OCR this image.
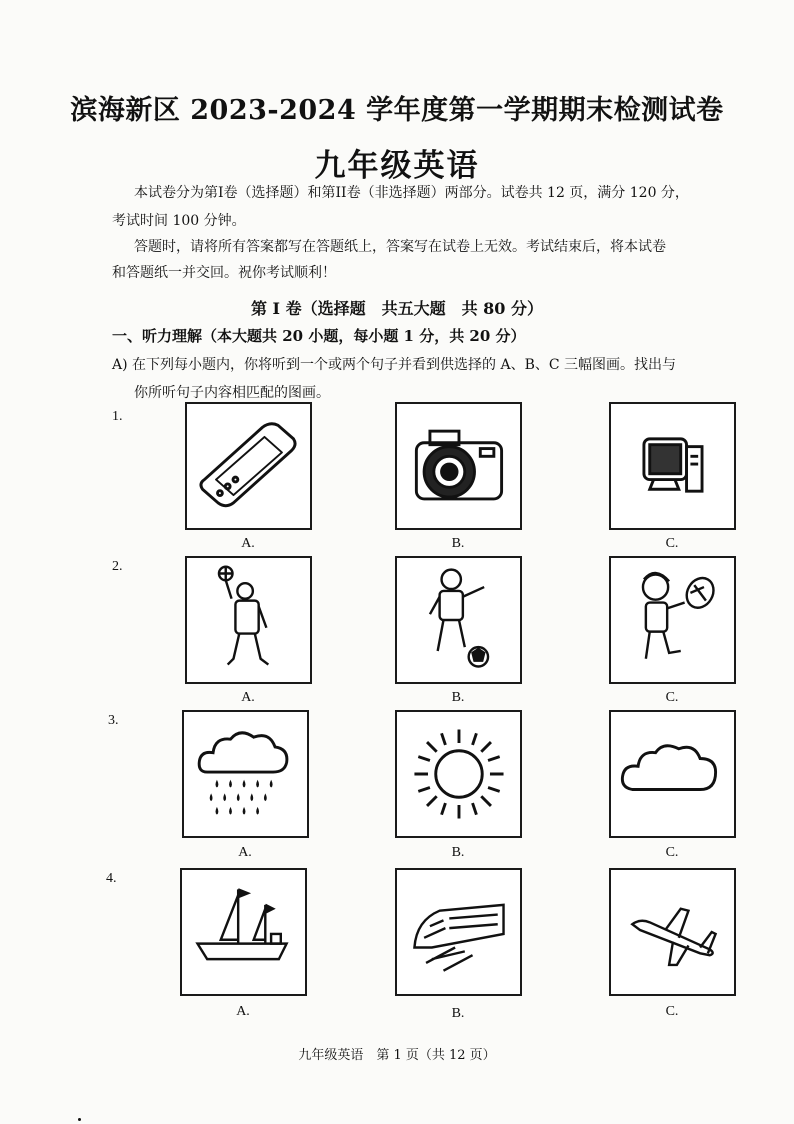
滨海新区 2023-2024 学年度第一学期期末检测试卷
九年级英语
本试卷分为第I卷（选择题）和第II卷（非选择题）两部分。试卷共 12 页，满分 120 分，
考试时间 100 分钟。
答题时，请将所有答案都写在答题纸上，答案写在试卷上无效。考试结束后，将本试卷
和答题纸一并交回。祝你考试顺利！
第 I 卷（选择题　共五大题　共 80 分）
一、听力理解（本大题共 20 小题，每小题 1 分，共 20 分）
A) 在下列每小题内，你将听到一个或两个句子并看到供选择的 A、B、C 三幅图画。找出与
你所听句子内容相匹配的图画。
1.
A.	B.	C.
2.
A.	B.	C.
3.
A.	B.	C.
4.
A.	B.	C.
九年级英语　第 1 页（共 12 页）
